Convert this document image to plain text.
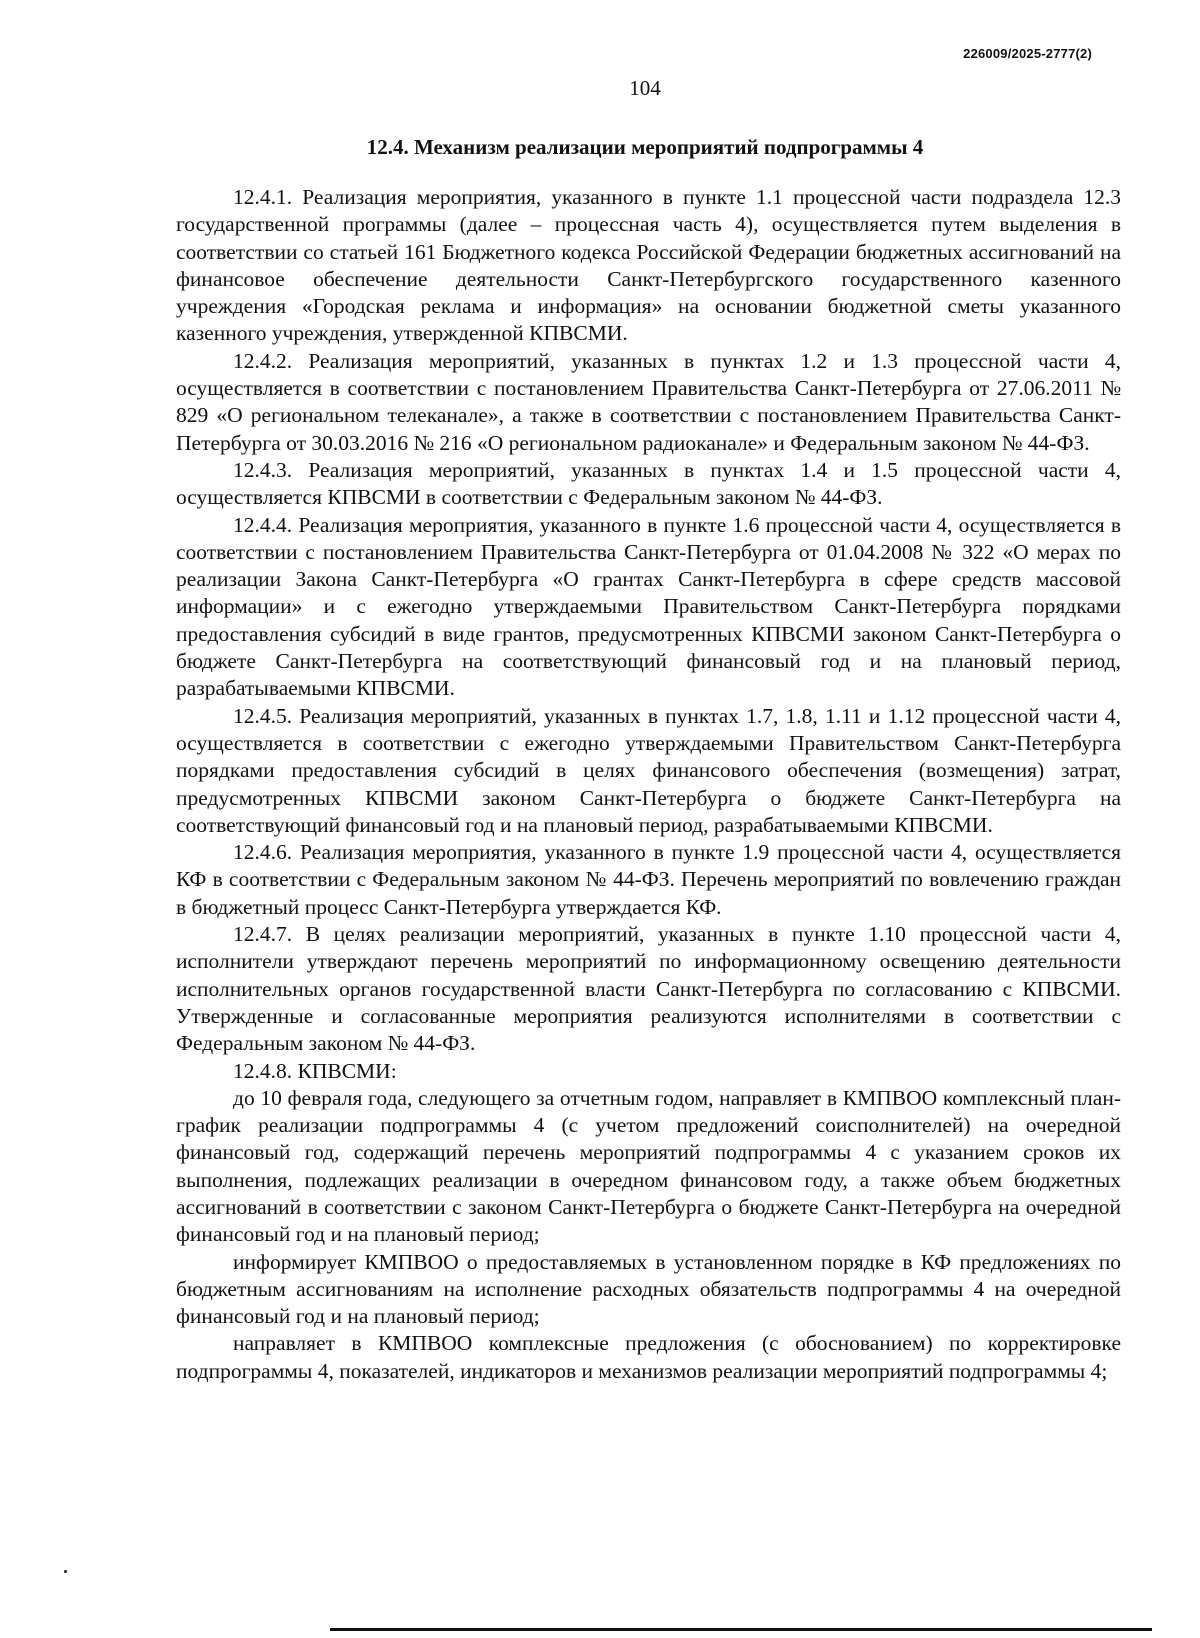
226009/2025-2777(2)
104
12.4. Механизм реализации мероприятий подпрограммы 4

12.4.1. Реализация мероприятия, указанного в пункте 1.1 процессной части подраздела 12.3 государственной программы (далее – процессная часть 4), осуществляется путем выделения в соответствии со статьей 161 Бюджетного кодекса Российской Федерации бюджетных ассигнований на финансовое обеспечение деятельности Санкт-Петербургского государственного казенного учреждения «Городская реклама и информация» на основании бюджетной сметы указанного казенного учреждения, утвержденной КПВСМИ.

12.4.2. Реализация мероприятий, указанных в пунктах 1.2 и 1.3 процессной части 4, осуществляется в соответствии с постановлением Правительства Санкт-Петербурга от 27.06.2011 № 829 «О региональном телеканале», а также в соответствии с постановлением Правительства Санкт-Петербурга от 30.03.2016 № 216 «О региональном радиоканале» и Федеральным законом № 44-ФЗ.

12.4.3. Реализация мероприятий, указанных в пунктах 1.4 и 1.5 процессной части 4, осуществляется КПВСМИ в соответствии с Федеральным законом № 44-ФЗ.

12.4.4. Реализация мероприятия, указанного в пункте 1.6 процессной части 4, осуществляется в соответствии с постановлением Правительства Санкт-Петербурга от 01.04.2008 № 322 «О мерах по реализации Закона Санкт-Петербурга «О грантах Санкт-Петербурга в сфере средств массовой информации» и с ежегодно утверждаемыми Правительством Санкт-Петербурга порядками предоставления субсидий в виде грантов, предусмотренных КПВСМИ законом Санкт-Петербурга о бюджете Санкт-Петербурга на соответствующий финансовый год и на плановый период, разрабатываемыми КПВСМИ.

12.4.5. Реализация мероприятий, указанных в пунктах 1.7, 1.8, 1.11 и 1.12 процессной части 4, осуществляется в соответствии с ежегодно утверждаемыми Правительством Санкт-Петербурга порядками предоставления субсидий в целях финансового обеспечения (возмещения) затрат, предусмотренных КПВСМИ законом Санкт-Петербурга о бюджете Санкт-Петербурга на соответствующий финансовый год и на плановый период, разрабатываемыми КПВСМИ.

12.4.6. Реализация мероприятия, указанного в пункте 1.9 процессной части 4, осуществляется КФ в соответствии с Федеральным законом № 44-ФЗ. Перечень мероприятий по вовлечению граждан в бюджетный процесс Санкт-Петербурга утверждается КФ.

12.4.7. В целях реализации мероприятий, указанных в пункте 1.10 процессной части 4, исполнители утверждают перечень мероприятий по информационному освещению деятельности исполнительных органов государственной власти Санкт-Петербурга по согласованию с КПВСМИ. Утвержденные и согласованные мероприятия реализуются исполнителями в соответствии с Федеральным законом № 44-ФЗ.

12.4.8. КПВСМИ:

до 10 февраля года, следующего за отчетным годом, направляет в КМПВОО комплексный план-график реализации подпрограммы 4 (с учетом предложений соисполнителей) на очередной финансовый год, содержащий перечень мероприятий подпрограммы 4 с указанием сроков их выполнения, подлежащих реализации в очередном финансовом году, а также объем бюджетных ассигнований в соответствии с законом Санкт-Петербурга о бюджете Санкт-Петербурга на очередной финансовый год и на плановый период;

информирует КМПВОО о предоставляемых в установленном порядке в КФ предложениях по бюджетным ассигнованиям на исполнение расходных обязательств подпрограммы 4 на очередной финансовый год и на плановый период;

направляет в КМПВОО комплексные предложения (с обоснованием) по корректировке подпрограммы 4, показателей, индикаторов и механизмов реализации мероприятий подпрограммы 4;
